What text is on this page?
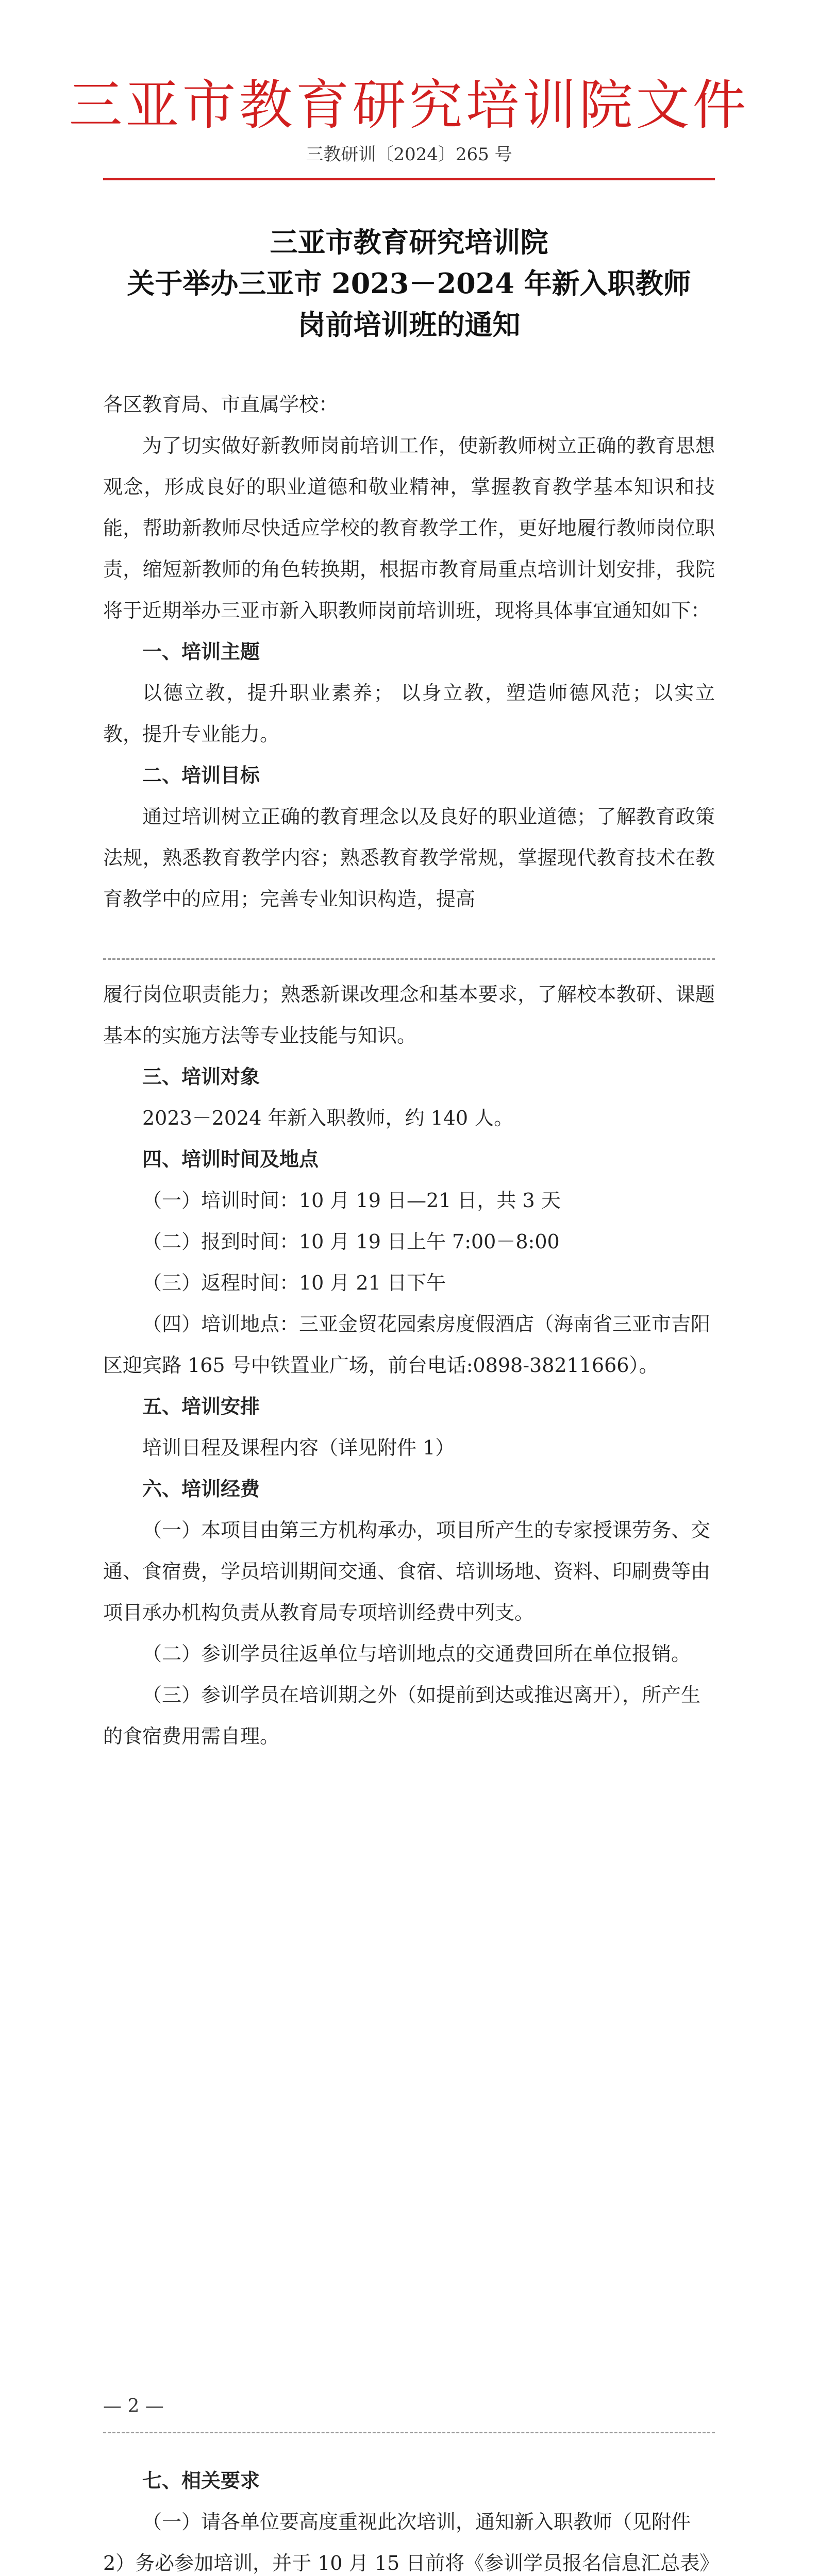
三亚市教育研究培训院文件
三教研训〔2024〕265 号
三亚市教育研究培训院
关于举办三亚市 2023－2024 年新入职教师
岗前培训班的通知

各区教育局、市直属学校：

为了切实做好新教师岗前培训工作，使新教师树立正确的教育思想观念，形成良好的职业道德和敬业精神，掌握教育教学基本知识和技能，帮助新教师尽快适应学校的教育教学工作，更好地履行教师岗位职责，缩短新教师的角色转换期，根据市教育局重点培训计划安排，我院将于近期举办三亚市新入职教师岗前培训班，现将具体事宜通知如下：

一、培训主题

以德立教，提升职业素养； 以身立教，塑造师德风范；以实立教，提升专业能力。

二、培训目标

通过培训树立正确的教育理念以及良好的职业道德；了解教育政策法规，熟悉教育教学内容；熟悉教育教学常规，掌握现代教育技术在教育教学中的应用；完善专业知识构造，提高

履行岗位职责能力；熟悉新课改理念和基本要求，了解校本教研、课题基本的实施方法等专业技能与知识。

三、培训对象

2023－2024 年新入职教师，约 140 人。

四、培训时间及地点

（一）培训时间：10 月 19 日—21 日，共 3 天

（二）报到时间：10 月 19 日上午 7:00－8:00

（三）返程时间：10 月 21 日下午

（四）培训地点：三亚金贸花园索房度假酒店（海南省三亚市吉阳区迎宾路 165 号中铁置业广场，前台电话:0898-38211666）。

五、培训安排

培训日程及课程内容（详见附件 1）

六、培训经费

（一）本项目由第三方机构承办，项目所产生的专家授课劳务、交通、食宿费，学员培训期间交通、食宿、培训场地、资料、印刷费等由项目承办机构负责从教育局专项培训经费中列支。

（二）参训学员往返单位与培训地点的交通费回所在单位报销。

（三）参训学员在培训期之外（如提前到达或推迟离开），所产生的食宿费用需自理。

— 2 —

七、相关要求

（一）请各单位要高度重视此次培训，通知新入职教师（见附件 2）务必参加培训，并于 10 月 15 日前将《参训学员报名信息汇总表》
